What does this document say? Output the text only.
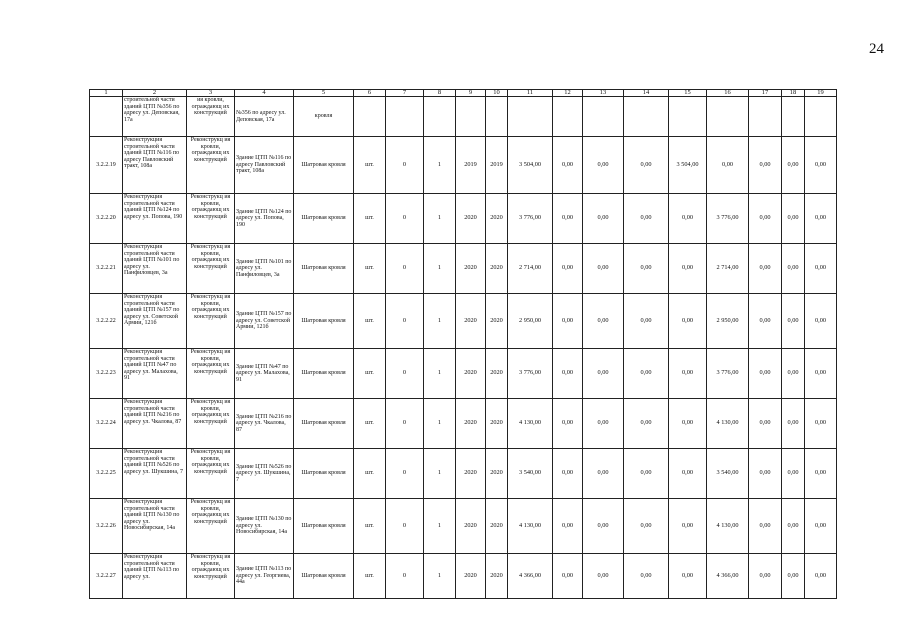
24
1	2	3	4	5	6	7	8	9	10	11	12	13	14	15	16	17	18	19
	строительной части зданий ЦТП №356 по адресу ул. Деповская, 17а	ия кровли, ограждающ их конструкций	№356 по адресу ул. Деповская, 17а	кровля														
3.2.2.19	Реконструкция строительной части зданий ЦТП №116 по адресу Павловский тракт, 108а	Реконструкц ия кровли, ограждающ их конструкций	Здание ЦТП №116 по адресу Павловский тракт, 108а	Шатровая кровля	шт.	0	1	2019	2019	3 504,00	0,00	0,00	0,00	3 504,00	0,00	0,00	0,00	0,00
3.2.2.20	Реконструкция строительной части зданий ЦТП №124 по адресу ул. Попова, 190	Реконструкц ия кровли, ограждающ их конструкций	Здание ЦТП №124 по адресу ул. Попова, 190	Шатровая кровля	шт.	0	1	2020	2020	3 776,00	0,00	0,00	0,00	0,00	3 776,00	0,00	0,00	0,00
3.2.2.21	Реконструкция строительной части зданий ЦТП №101 по адресу ул. Панфиловцев, 3а	Реконструкц ия кровли, ограждающ их конструкций	Здание ЦТП №101 по адресу ул. Панфиловцев, 3а	Шатровая кровля	шт.	0	1	2020	2020	2 714,00	0,00	0,00	0,00	0,00	2 714,00	0,00	0,00	0,00
3.2.2.22	Реконструкция строительной части зданий ЦТП №157 по адресу ул. Советской Армии, 121б	Реконструкц ия кровли, ограждающ их конструкций	Здание ЦТП №157 по адресу ул. Советской Армии, 121б	Шатровая кровля	шт.	0	1	2020	2020	2 950,00	0,00	0,00	0,00	0,00	2 950,00	0,00	0,00	0,00
3.2.2.23	Реконструкция строительной части зданий ЦТП №47 по адресу ул. Малахова, 91	Реконструкц ия кровли, ограждающ их конструкций	Здание ЦТП №47 по адресу ул. Малахова, 91	Шатровая кровля	шт.	0	1	2020	2020	3 776,00	0,00	0,00	0,00	0,00	3 776,00	0,00	0,00	0,00
3.2.2.24	Реконструкция строительной части зданий ЦТП №216 по адресу ул. Чкалова, 87	Реконструкц ия кровли, ограждающ их конструкций	Здание ЦТП №216 по адресу ул. Чкалова, 87	Шатровая кровля	шт.	0	1	2020	2020	4 130,00	0,00	0,00	0,00	0,00	4 130,00	0,00	0,00	0,00
3.2.2.25	Реконструкция строительной части зданий ЦТП №526 по адресу ул. Шукшина, 7	Реконструкц ия кровли, ограждающ их конструкций	Здание ЦТП №526 по адресу ул. Шукшина, 7	Шатровая кровля	шт.	0	1	2020	2020	3 540,00	0,00	0,00	0,00	0,00	3 540,00	0,00	0,00	0,00
3.2.2.26	Реконструкция строительной части зданий ЦТП №130 по адресу ул. Новосибирская, 14а	Реконструкц ия кровли, ограждающ их конструкций	Здание ЦТП №130 по адресу ул. Новосибирская, 14а	Шатровая кровля	шт.	0	1	2020	2020	4 130,00	0,00	0,00	0,00	0,00	4 130,00	0,00	0,00	0,00
3.2.2.27	Реконструкция строительной части зданий ЦТП №113 по адресу ул.	Реконструкц ия кровли, ограждающ их конструкций	Здание ЦТП №113 по адресу ул. Георгиева, 44а	Шатровая кровля	шт.	0	1	2020	2020	4 366,00	0,00	0,00	0,00	0,00	4 366,00	0,00	0,00	0,00
